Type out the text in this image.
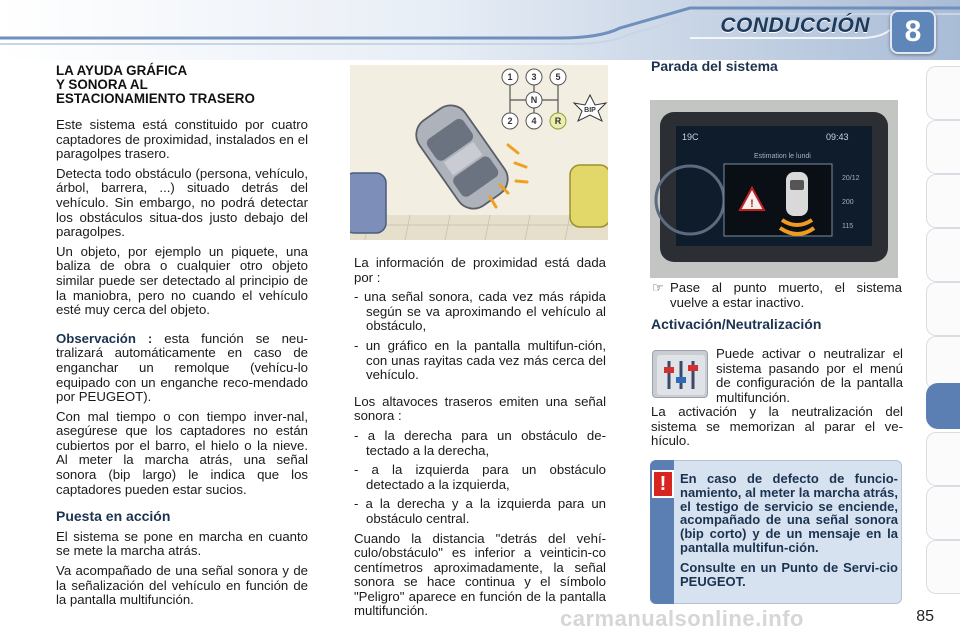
CONDUCCIÓN	8
LA AYUDA GRÁFICA
Y SONORA AL
ESTACIONAMIENTO TRASERO

Este sistema está constituido por cuatro captadores de proximidad, instalados en el paragolpes trasero.

Detecta todo obstáculo (persona, vehículo, árbol, barrera, ...) situado detrás del vehículo. Sin embargo, no podrá detectar los obstáculos situa-dos justo debajo del paragolpes.

Un objeto, por ejemplo un piquete, una baliza de obra o cualquier otro objeto similar puede ser detectado al principio de la maniobra, pero no cuando el vehículo esté muy cerca del objeto.

Observación : esta función se neu-tralizará automáticamente en caso de enganchar un remolque (vehícu-lo equipado con un enganche reco-mendado por PEUGEOT).

Con mal tiempo o con tiempo inver-nal, asegúrese que los captadores no están cubiertos por el barro, el hielo o la nieve. Al meter la marcha atrás, una señal sonora (bip largo) le indica que los captadores pueden estar sucios.

Puesta en acción

El sistema se pone en marcha en cuanto se mete la marcha atrás.

Va acompañado de una señal sonora y de la señalización del vehículo en función de la pantalla multifunción.

1 3 5
N
2 4 R
BIP

La información de proximidad está dada por :

- una señal sonora, cada vez más rápida según se va aproximando el vehículo al obstáculo,

- un gráfico en la pantalla multifun-ción, con unas rayitas cada vez más cerca del vehículo.

Los altavoces traseros emiten una señal sonora :

- a la derecha para un obstáculo de-tectado a la derecha,

- a la izquierda para un obstáculo detectado a la izquierda,

- a la derecha y a la izquierda para un obstáculo central.

Cuando la distancia "detrás del vehí-culo/obstáculo" es inferior a veinticin-co centímetros aproximadamente, la señal sonora se hace continua y el símbolo "Peligro" aparece en función de la pantalla multifunción.

Parada del sistema
19C	09:43
Estimation le lundi
!
20/12
200
115

☞ Pase al punto muerto, el sistema vuelve a estar inactivo.

Activación/Neutralización

Puede activar o neutralizar el sistema pasando por el menú de configuración de la pantalla multifunción.

La activación y la neutralización del sistema se memorizan al parar el ve-hículo.

!	En caso de defecto de funcio-namiento, al meter la marcha atrás, el testigo de servicio se enciende, acompañado de una señal sonora (bip corto) y de un mensaje en la pantalla multifun-ción.

Consulte en un Punto de Servi-cio PEUGEOT.

carmanualsonline.info	85
